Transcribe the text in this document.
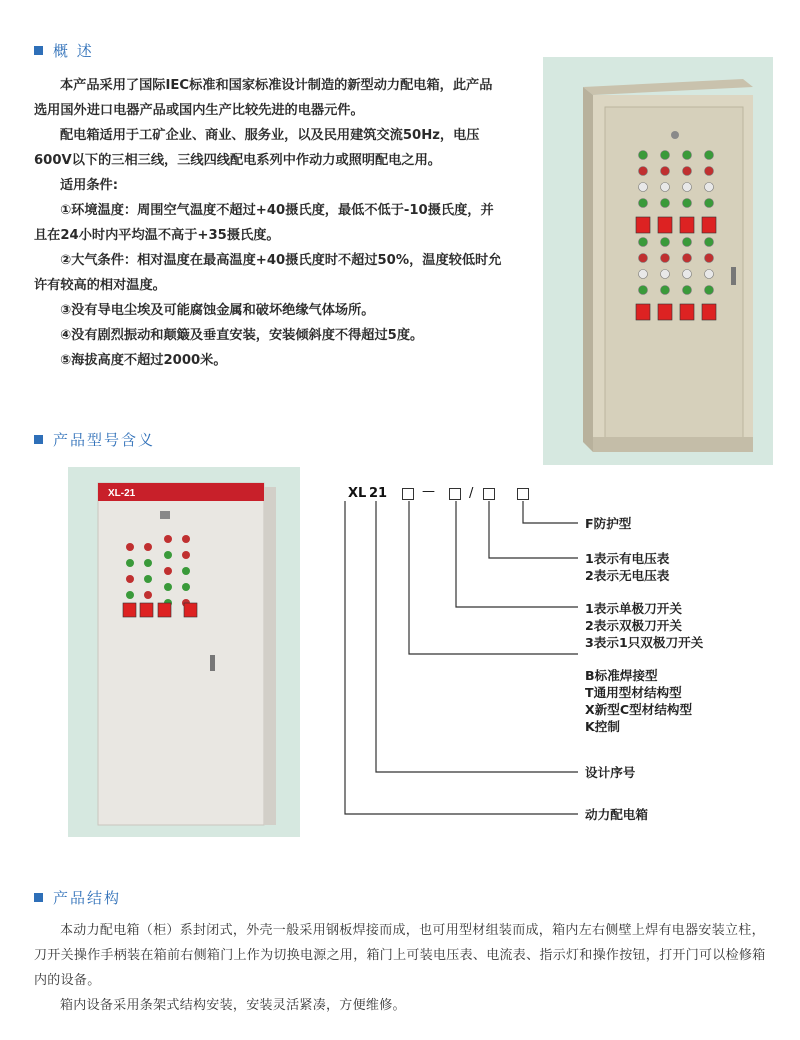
概 述

本产品采用了国际IEC标准和国家标准设计制造的新型动力配电箱，此产品选用国外进口电器产品或国内生产比较先进的电器元件。

配电箱适用于工矿企业、商业、服务业，以及民用建筑交流50Hz，电压600V以下的三相三线，三线四线配电系列中作动力或照明配电之用。

适用条件:

①环境温度：周围空气温度不超过+40摄氏度，最低不低于-10摄氏度，并且在24小时内平均温不高于+35摄氏度。

②大气条件：相对温度在最高温度+40摄氏度时不超过50%，温度较低时允许有较高的相对温度。

③没有导电尘埃及可能腐蚀金属和破坏绝缘气体场所。

④没有剧烈振动和颠簸及垂直安装，安装倾斜度不得超过5度。

⑤海拔高度不超过2000米。

产品型号含义
XL-21	XL 21	—	/
F防护型
1表示有电压表
2表示无电压表
1表示单极刀开关
2表示双极刀开关
3表示1只双极刀开关
B标准焊接型
T通用型材结构型
X新型C型材结构型
K控制
设计序号
动力配电箱
产品结构

本动力配电箱（柜）系封闭式，外壳一般采用钢板焊接而成，也可用型材组装而成，箱内左右侧壁上焊有电器安装立柱，刀开关操作手柄装在箱前右侧箱门上作为切换电源之用，箱门上可装电压表、电流表、指示灯和操作按钮，打开门可以检修箱内的设备。

箱内设备采用条架式结构安装，安装灵活紧凑，方便维修。
